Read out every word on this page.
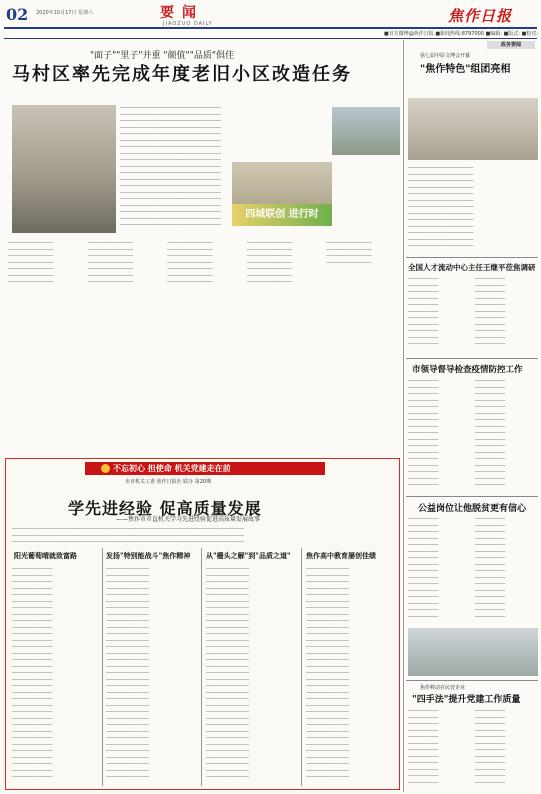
02 2020年10月17日 星期六	要闻
JIAOZUO DAILY	焦作日报
■官方微博@焦作日报 ■新闻热线:8797000 ■编辑: ■版式: ■校对:
政务要闻
"面子""里子"并重 "颜值""品质"俱佳
马村区率先完成年度老旧小区改造任务
────────────────────────────────────────
────────────────────────────────────────
────────────────────────────────────────
────────────────────────────────────────
────────────────────────────────────────
────────────────────────────────────────
────────────────────────────────────────
────────────────────────────────────────
────────────────────────────────────────
────────────────────────────────────────
────────────────────────────────────────
────────────────────────────────────────
────────────────────────────────────────
────────────────────────────────────────
────────────────────────────────────────
────────────────────────────────────────
────────────────────────────────────────
────────────────────────────────────────
────────────────────────────────────────
四城联创 进行时
──────────────────
──────────────────
──────────────────
──────────────────
──────────────────
──────────────────
──────────────────
──────────────────
──────────────────
──────────────────
──────────────────
──────────────────
──────────────────
──────────────────
──────────────────
──────────────────
──────────────────
──────────────────
──────────────────
──────────────────
──────────────────
──────────────────
──────────────────
──────────────────
──────────────────
──────────────────
──────────────────
──────────────────
──────────────────
──────────────────
──────────────────
──────────────────
第七届中原文博会开幕
"焦作特色"组团亮相
──────────────────────────
──────────────────────────
──────────────────────────
──────────────────────────
──────────────────────────
──────────────────────────
──────────────────────────
──────────────────────────
──────────────────────────
──────────────────────────
──────────────────────────
──────────────────────────
──────────────────────────
全国人才流动中心主任王继平莅焦调研
────────────
────────────
────────────
────────────
────────────
────────────
────────────
────────────
────────────
────────────
────────────
────────────
────────────
────────────
────────────
────────────
────────────
────────────
────────────
────────────
────────────
────────────
市领导督导检查疫情防控工作
────────────
────────────
────────────
────────────
────────────
────────────
────────────
────────────
────────────
────────────
────────────
────────────
────────────
────────────
────────────
────────────
────────────
────────────
────────────
────────────
────────────
────────────
────────────
────────────
────────────
────────────
────────────
────────────
────────────
────────────
────────────
────────────
────────────
────────────
公益岗位让他脱贫更有信心
────────────
────────────
────────────
────────────
────────────
────────────
────────────
────────────
────────────
────────────
────────────
────────────
────────────
────────────
────────────
────────────
────────────
────────────
────────────
────────────
────────────
────────────
────────────
────────────
────────────
────────────
────────────
────────────
────────────
────────────
────────────
────────────
焦作移动在民营企业
"四手法"提升党建工作质量
────────────
────────────
────────────
────────────
────────────
────────────
────────────
────────────
────────────
────────────
────────────
────────────
────────────
────────────
────────────
────────────
────────────
────────────
────────────
────────────
────────────
────────────
────────────
────────────
不忘初心 担使命 机关党建走在前
市直机关工委 焦作日报社 联办 第20期
学先进经验 促高质量发展
——焦作市市直机关学习先进经验促进高质量发展故事
────────────────────────────────────────────────────────────────────────────────────────────
────────────────────────────────────────────────────────────────────────────────────────────
────────────────────────────────────────────────────────────────────────────────────────────
阳光葡萄晴就致富路	发扬"特别能战斗"焦作精神 从"栅头之解"到"品质之道" 焦作高中教育屡创佳绩
────────────────
────────────────
────────────────
────────────────
────────────────
────────────────
────────────────
────────────────
────────────────
────────────────
────────────────
────────────────
────────────────
────────────────
────────────────
────────────────
────────────────
────────────────
────────────────
────────────────
────────────────
────────────────
────────────────
────────────────
────────────────
────────────────
────────────────
────────────────
────────────────
────────────────
────────────────
────────────────
────────────────
─────────────────
─────────────────
─────────────────
─────────────────
─────────────────
─────────────────
─────────────────
─────────────────
─────────────────
─────────────────
─────────────────
─────────────────
─────────────────
─────────────────
─────────────────
─────────────────
─────────────────
─────────────────
─────────────────
─────────────────
─────────────────
─────────────────
─────────────────
─────────────────
─────────────────
─────────────────
─────────────────
─────────────────
─────────────────
─────────────────
─────────────────
─────────────────
─────────────────
─────────────────
─────────────────
─────────────────
─────────────────
─────────────────
─────────────────
─────────────────
─────────────────
─────────────────
─────────────────
─────────────────
─────────────────
─────────────────
─────────────────
─────────────────
─────────────────
─────────────────
─────────────────
─────────────────
─────────────────
─────────────────
─────────────────
─────────────────
─────────────────
─────────────────
─────────────────
─────────────────
─────────────────
─────────────────
─────────────────
─────────────────
─────────────────
─────────────────
─────────────────
─────────────────
─────────────────
─────────────────
─────────────────
─────────────────
─────────────────
─────────────────
─────────────────
─────────────────
─────────────────
─────────────────
─────────────────
─────────────────
─────────────────
─────────────────
─────────────────
─────────────────
─────────────────
─────────────────
─────────────────
─────────────────
─────────────────
─────────────────
─────────────────
─────────────────
─────────────────
─────────────────
─────────────────
─────────────────
─────────────────
─────────────────
─────────────────
